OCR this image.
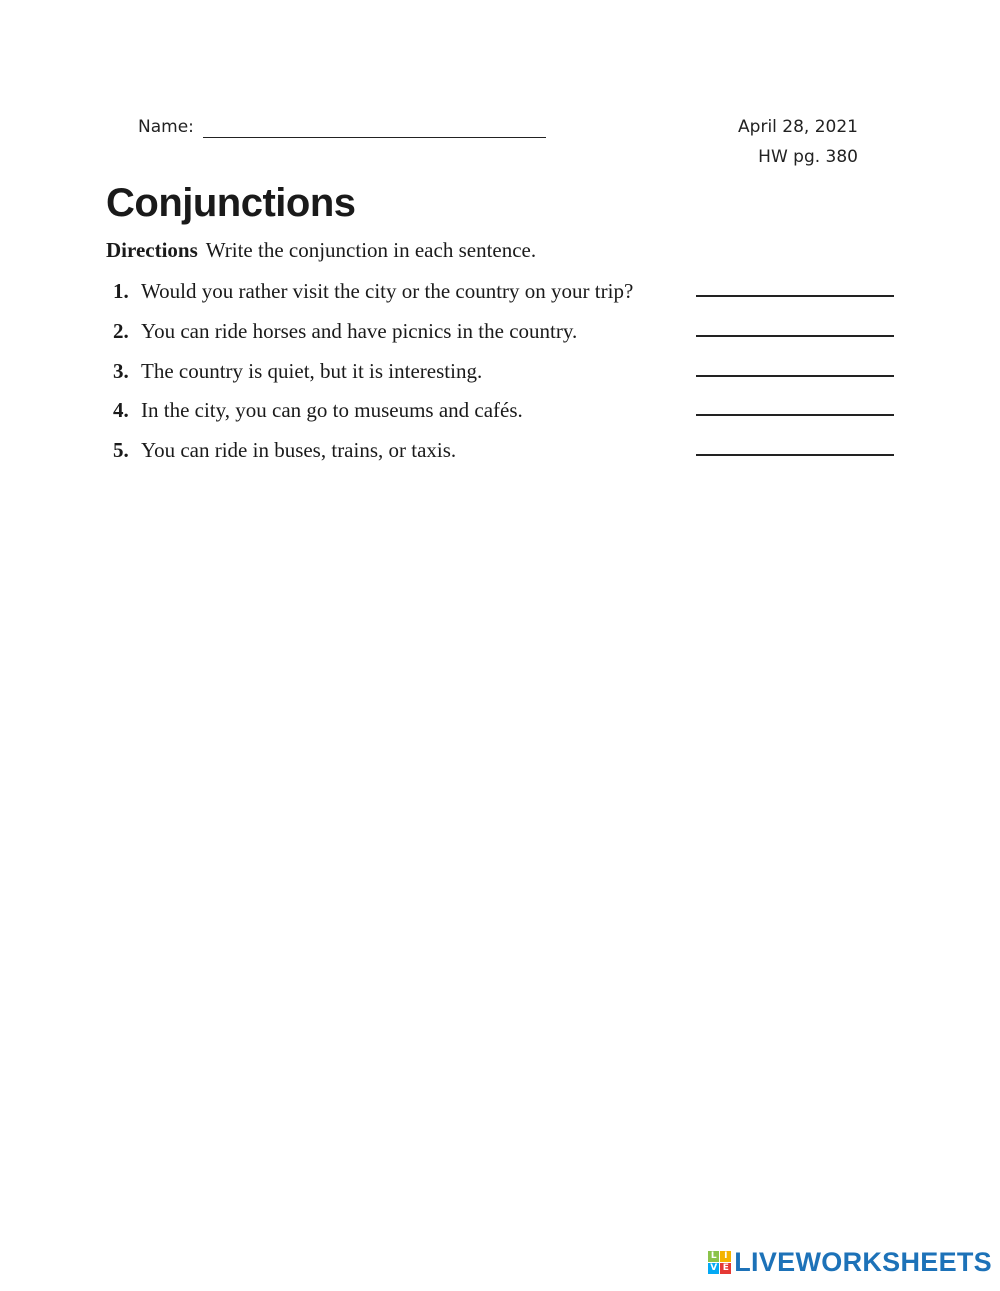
Name:	April 28, 2021
HW pg. 380
Conjunctions
Directions Write the conjunction in each sentence.
1. Would you rather visit the city or the country on your trip?
2. You can ride horses and have picnics in the country.
3. The country is quiet, but it is interesting.
4. In the city, you can go to museums and cafés.
5. You can ride in buses, trains, or taxis.
L I
V E LIVEWORKSHEETS
